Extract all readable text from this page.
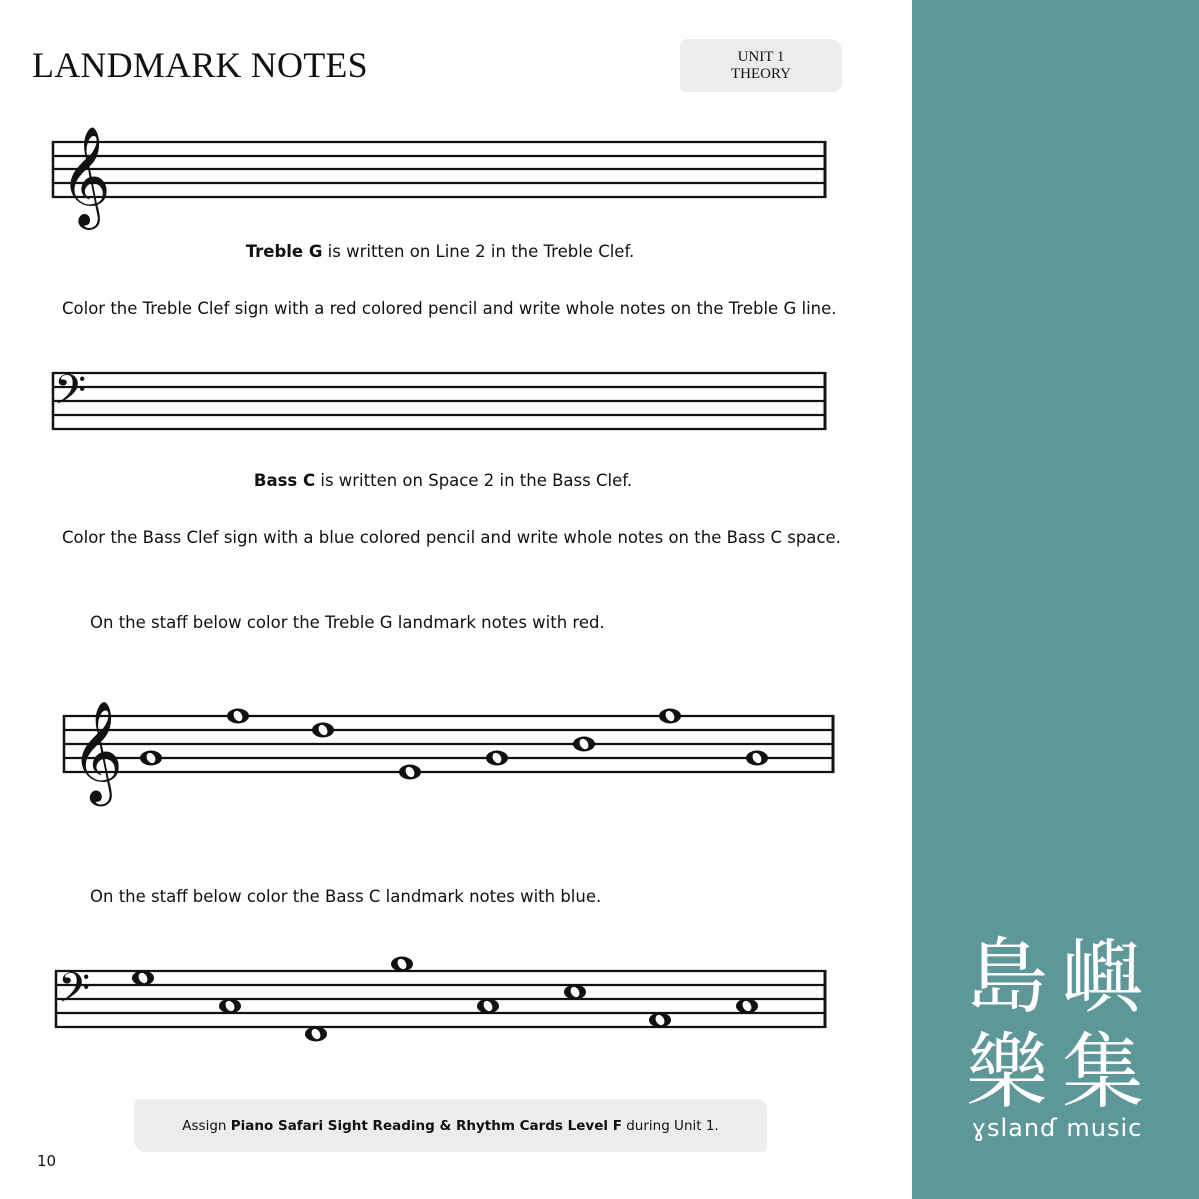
LANDMARK NOTES	UNIT 1
THEORY
𝄞
Treble G is written on Line 2 in the Treble Clef.
Color the Treble Clef sign with a red colored pencil and write whole notes on the Treble G line.
𝄢
Bass C is written on Space 2 in the Bass Clef.
Color the Bass Clef sign with a blue colored pencil and write whole notes on the Bass C space.
On the staff below color the Treble G landmark notes with red.
𝄞
On the staff below color the Bass C landmark notes with blue.
𝄢
Assign Piano Safari Sight Reading & Rhythm Cards Level F during Unit 1.
10
島 嶼
樂 集
ɣslanɗ music
